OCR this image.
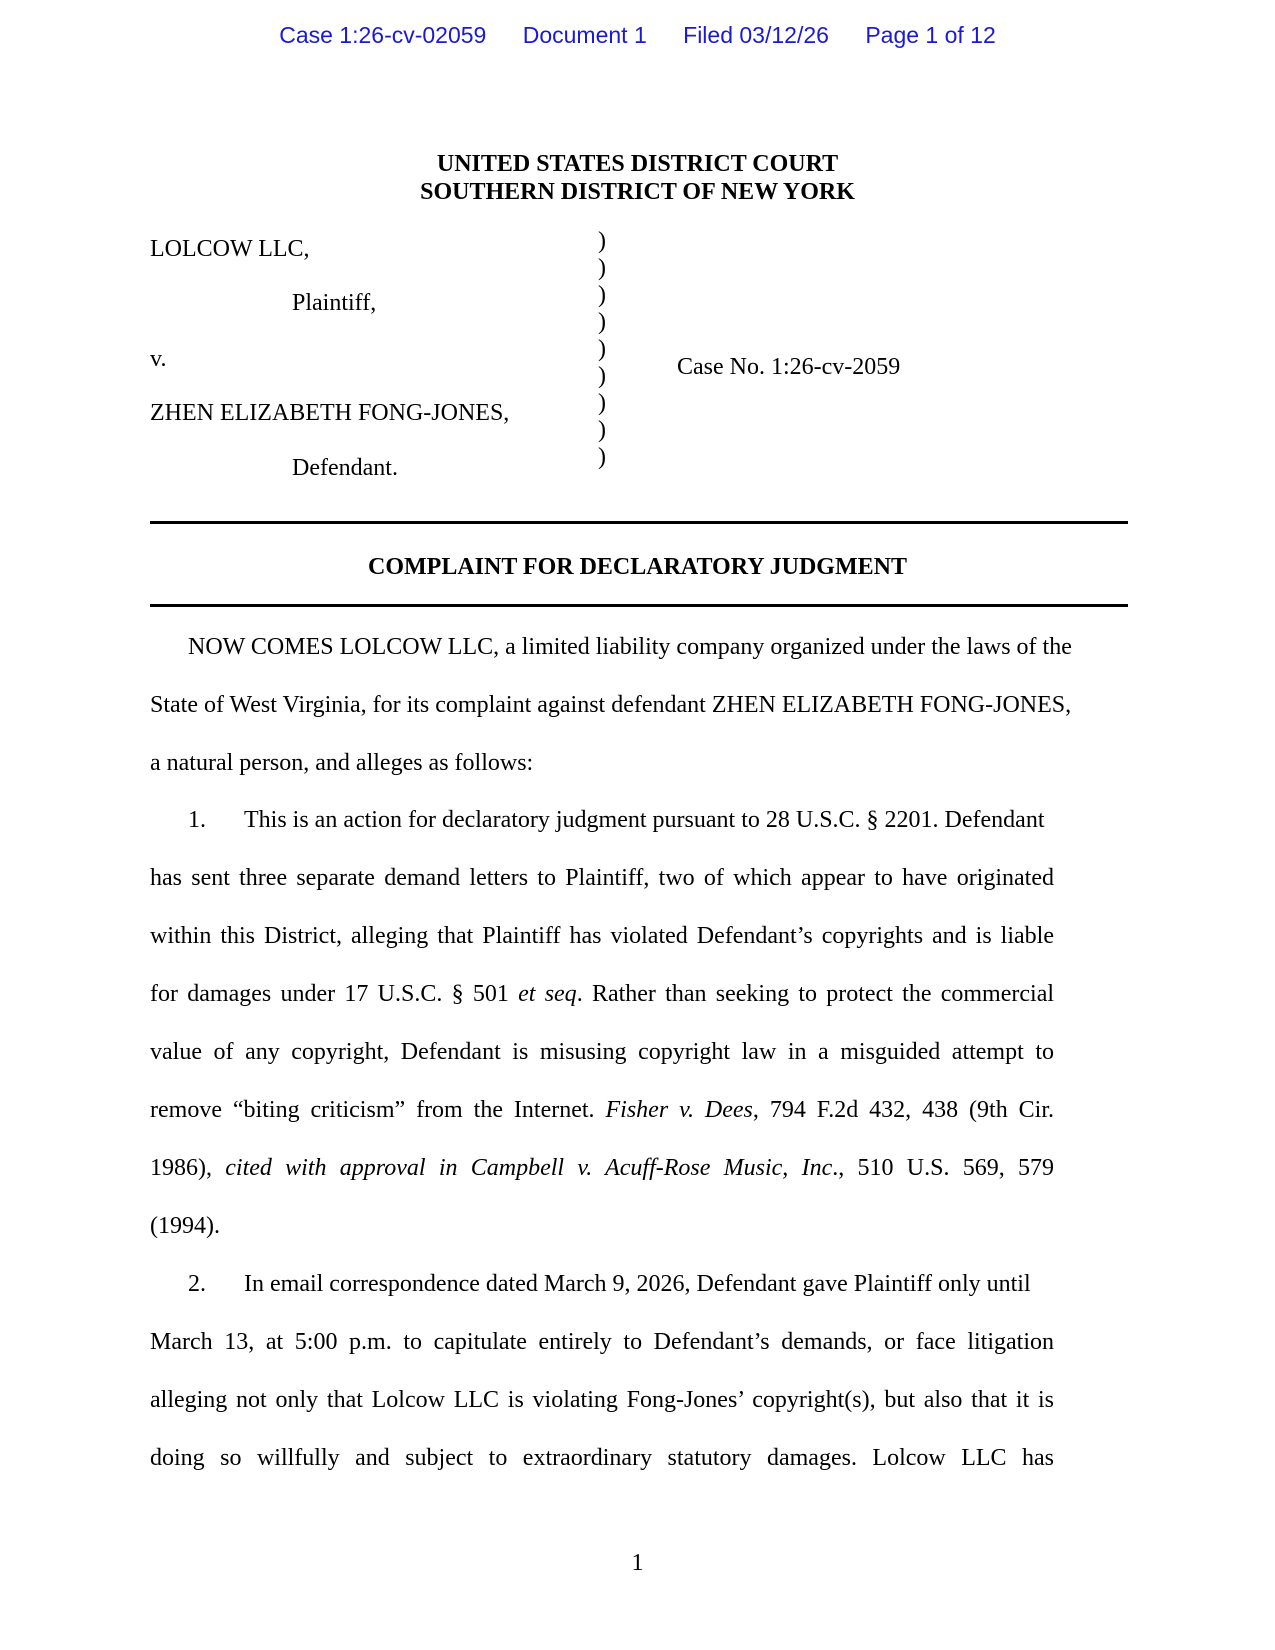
Case 1:26-cv-02059 Document 1 Filed 03/12/26 Page 1 of 12
UNITED STATES DISTRICT COURT
SOUTHERN DISTRICT OF NEW YORK
LOLCOW LLC,
Plaintiff,
v.
ZHEN ELIZABETH FONG-JONES,
Defendant.
)
)
)
)
)
)
)
)
)
Case No. 1:26-cv-2059
COMPLAINT FOR DECLARATORY JUDGMENT
NOW COMES LOLCOW LLC, a limited liability company organized under the laws of the
State of West Virginia, for its complaint against defendant ZHEN ELIZABETH FONG-JONES,
a natural person, and alleges as follows:
1. This is an action for declaratory judgment pursuant to 28 U.S.C. § 2201. Defendant
has sent three separate demand letters to Plaintiff, two of which appear to have originated
within this District, alleging that Plaintiff has violated Defendant’s copyrights and is liable
for damages under 17 U.S.C. § 501 et seq. Rather than seeking to protect the commercial
value of any copyright, Defendant is misusing copyright law in a misguided attempt to
remove “biting criticism” from the Internet. Fisher v. Dees, 794 F.2d 432, 438 (9th Cir.
1986), cited with approval in Campbell v. Acuff-Rose Music, Inc., 510 U.S. 569, 579
(1994).
2. In email correspondence dated March 9, 2026, Defendant gave Plaintiff only until
March 13, at 5:00 p.m. to capitulate entirely to Defendant’s demands, or face litigation
alleging not only that Lolcow LLC is violating Fong-Jones’ copyright(s), but also that it is
doing so willfully and subject to extraordinary statutory damages. Lolcow LLC has
1
